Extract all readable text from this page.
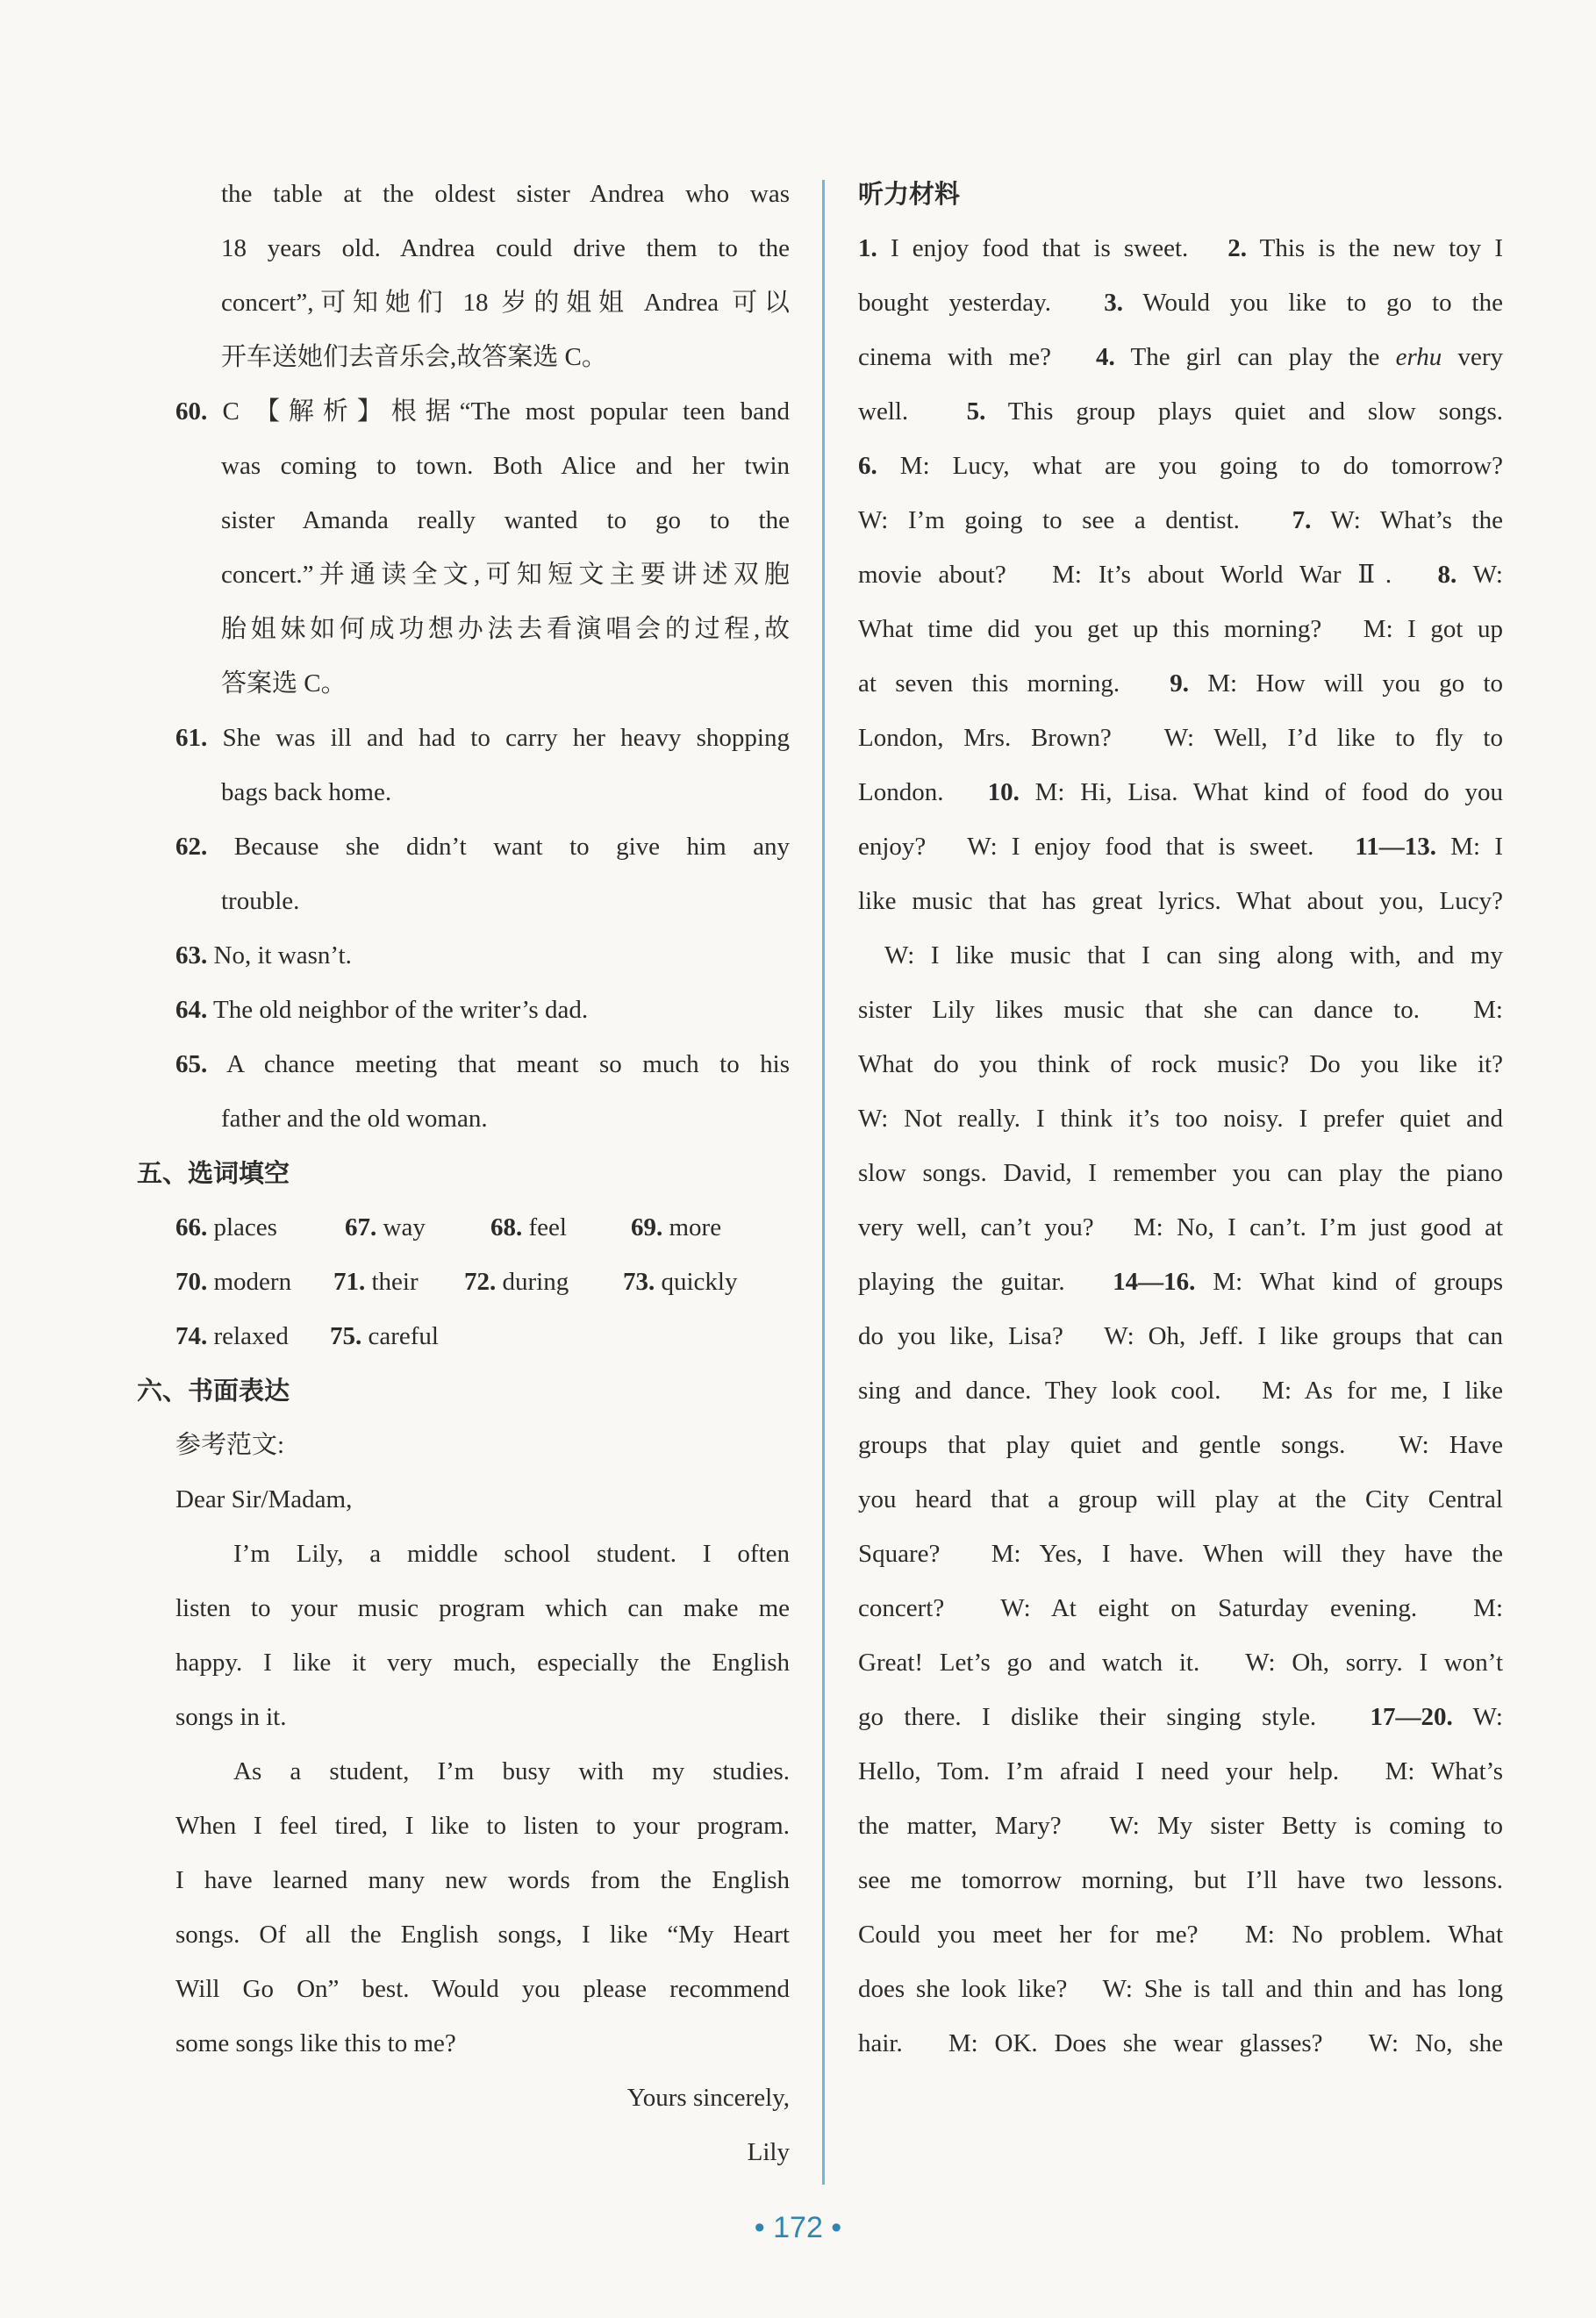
the table at the oldest sister Andrea who was
18 years old. Andrea could drive them to the
concert”,可知她们 18 岁的姐姐 Andrea 可以
开车送她们去音乐会,故答案选 C。
60. C 【解析】根据“The most popular teen band
was coming to town. Both Alice and her twin
sister Amanda really wanted to go to the
concert.”并通读全文,可知短文主要讲述双胞
胎姐妹如何成功想办法去看演唱会的过程,故
答案选 C。
61. She was ill and had to carry her heavy shopping
bags back home.
62. Because she didn’t want to give him any
trouble.
63. No, it wasn’t.
64. The old neighbor of the writer’s dad.
65. A chance meeting that meant so much to his
father and the old woman.
五、选词填空
66. places	67. way	68. feel	69. more
70. modern	71. their	72. during	73. quickly
74. relaxed	75. careful
六、书面表达
参考范文:
Dear Sir/Madam,
I’m Lily, a middle school student. I often
listen to your music program which can make me
happy. I like it very much, especially the English
songs in it.
As a student, I’m busy with my studies.
When I feel tired, I like to listen to your program.
I have learned many new words from the English
songs. Of all the English songs, I like “My Heart
Will Go On” best. Would you please recommend
some songs like this to me?
Yours sincerely,
Lily
听力材料
1. I enjoy food that is sweet.　2. This is the new toy I
bought yesterday.　3. Would you like to go to the
cinema with me?　4. The girl can play the erhu very
well.　5. This group plays quiet and slow songs.
6. M: Lucy, what are you going to do tomorrow?
W: I’m going to see a dentist.　7. W: What’s the
movie about?　M: It’s about World War Ⅱ.　8. W:
What time did you get up this morning?　M: I got up
at seven this morning.　9. M: How will you go to
London, Mrs. Brown?　W: Well, I’d like to fly to
London.　10. M: Hi, Lisa. What kind of food do you
enjoy?　W: I enjoy food that is sweet.　11—13. M: I
like music that has great lyrics. What about you, Lucy?
W: I like music that I can sing along with, and my
sister Lily likes music that she can dance to.　M:
What do you think of rock music? Do you like it?
W: Not really. I think it’s too noisy. I prefer quiet and
slow songs. David, I remember you can play the piano
very well, can’t you?　M: No, I can’t. I’m just good at
playing the guitar.　14—16. M: What kind of groups
do you like, Lisa?　W: Oh, Jeff. I like groups that can
sing and dance. They look cool.　M: As for me, I like
groups that play quiet and gentle songs.　W: Have
you heard that a group will play at the City Central
Square?　M: Yes, I have. When will they have the
concert?　W: At eight on Saturday evening.　M:
Great! Let’s go and watch it.　W: Oh, sorry. I won’t
go there. I dislike their singing style.　17—20. W:
Hello, Tom. I’m afraid I need your help.　M: What’s
the matter, Mary?　W: My sister Betty is coming to
see me tomorrow morning, but I’ll have two lessons.
Could you meet her for me?　M: No problem. What
does she look like?　W: She is tall and thin and has long
hair.　M: OK. Does she wear glasses?　W: No, she
• 172 •
